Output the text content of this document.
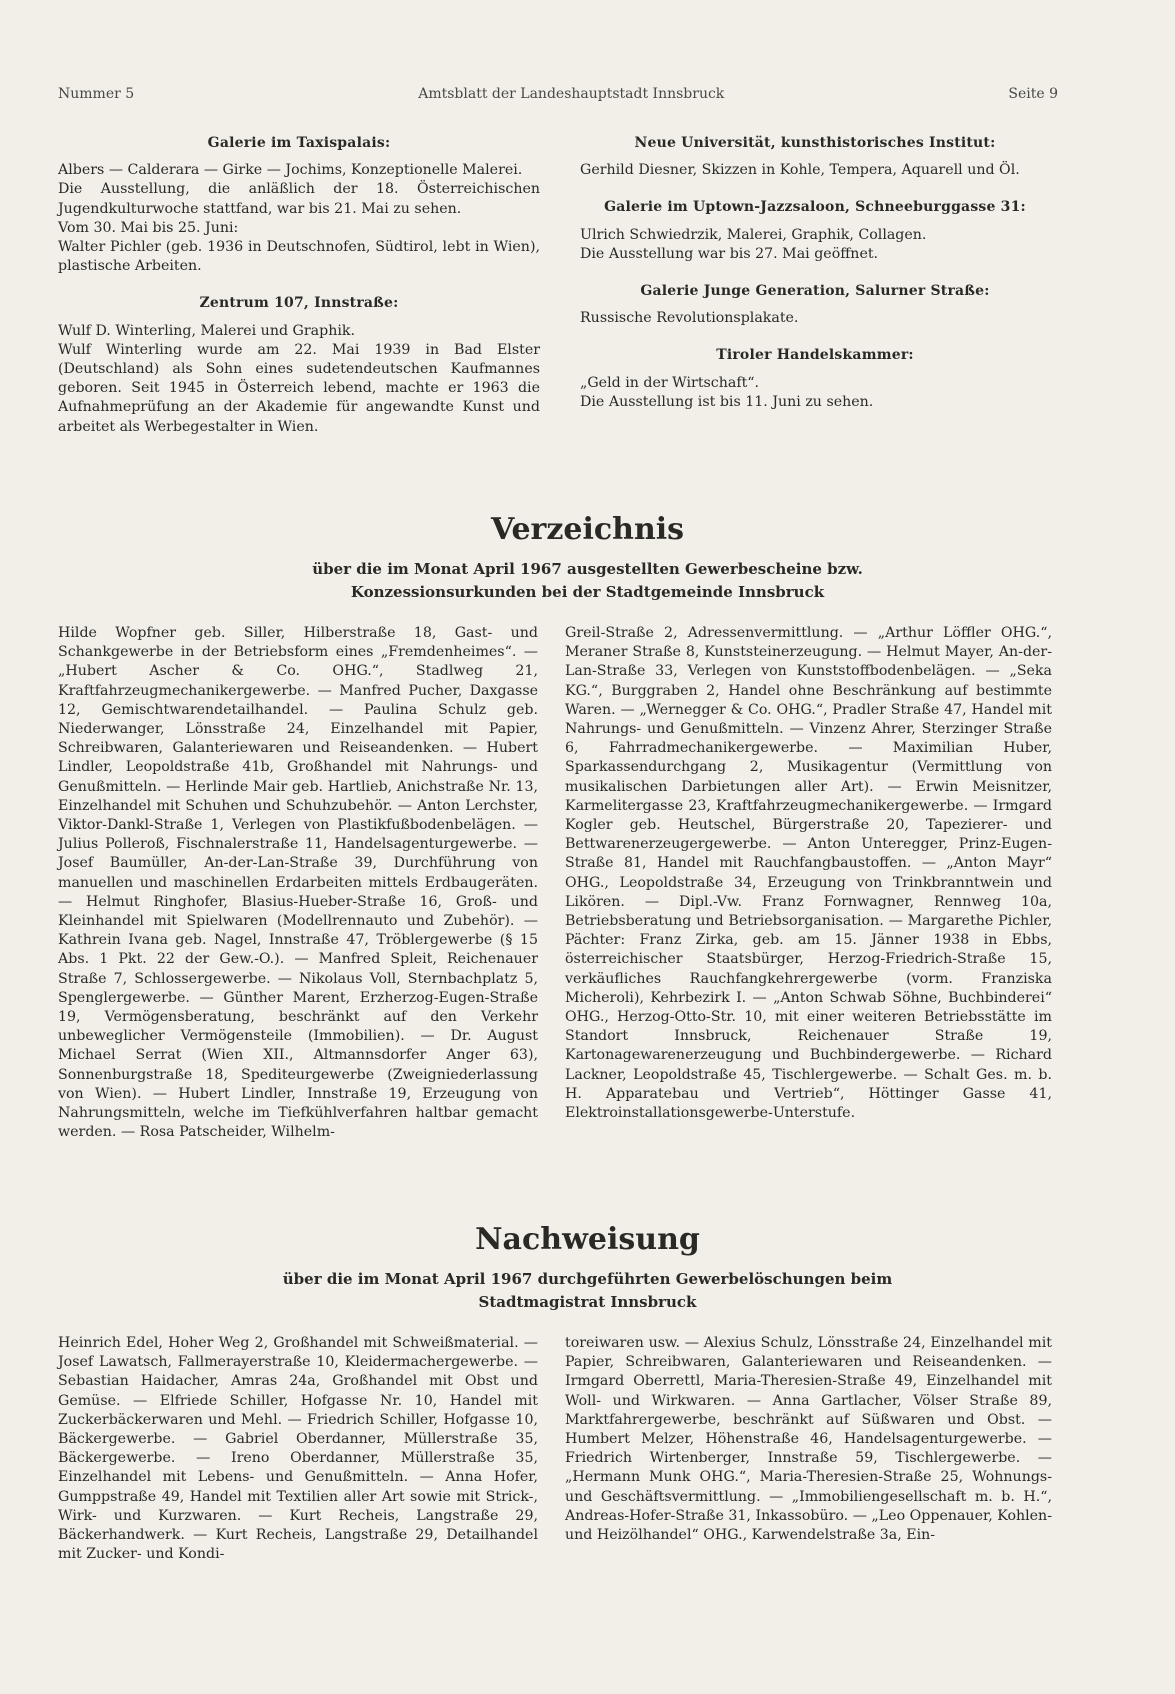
Nummer 5	Amtsblatt der Landeshauptstadt Innsbruck	Seite 9
Galerie im Taxispalais:

Albers — Calderara — Girke — Jochims, Konzeptionelle Malerei.

Die Ausstellung, die anläßlich der 18. Österreichischen Jugendkulturwoche stattfand, war bis 21. Mai zu sehen.

Vom 30. Mai bis 25. Juni:

Walter Pichler (geb. 1936 in Deutschnofen, Südtirol, lebt in Wien), plastische Arbeiten.

Zentrum 107, Innstraße:

Wulf D. Winterling, Malerei und Graphik.

Wulf Winterling wurde am 22. Mai 1939 in Bad Elster (Deutschland) als Sohn eines sudetendeutschen Kaufmannes geboren. Seit 1945 in Österreich lebend, machte er 1963 die Aufnahmeprüfung an der Akademie für angewandte Kunst und arbeitet als Werbegestalter in Wien.

Neue Universität, kunsthistorisches Institut:

Gerhild Diesner, Skizzen in Kohle, Tempera, Aquarell und Öl.

Galerie im Uptown-Jazzsaloon, Schneeburggasse 31:

Ulrich Schwiedrzik, Malerei, Graphik, Collagen.

Die Ausstellung war bis 27. Mai geöffnet.

Galerie Junge Generation, Salurner Straße:

Russische Revolutionsplakate.

Tiroler Handelskammer:

„Geld in der Wirtschaft“.

Die Ausstellung ist bis 11. Juni zu sehen.

Verzeichnis
über die im Monat April 1967 ausgestellten Gewerbescheine bzw.
Konzessionsurkunden bei der Stadtgemeinde Innsbruck

Hilde Wopfner geb. Siller, Hilberstraße 18, Gast- und Schankgewerbe in der Betriebsform eines „Fremdenheimes“. — „Hubert Ascher & Co. OHG.“, Stadlweg 21, Kraftfahrzeugmechanikergewerbe. — Manfred Pucher, Daxgasse 12, Gemischtwarendetailhandel. — Paulina Schulz geb. Niederwanger, Lönsstraße 24, Einzelhandel mit Papier, Schreibwaren, Galanteriewaren und Reiseandenken. — Hubert Lindler, Leopoldstraße 41b, Großhandel mit Nahrungs- und Genußmitteln. — Herlinde Mair geb. Hartlieb, Anichstraße Nr. 13, Einzelhandel mit Schuhen und Schuhzubehör. — Anton Lerchster, Viktor-Dankl-Straße 1, Verlegen von Plastikfußbodenbelägen. — Julius Polleroß, Fischnalerstraße 11, Handelsagenturgewerbe. — Josef Baumüller, An-der-Lan-Straße 39, Durchführung von manuellen und maschinellen Erdarbeiten mittels Erdbaugeräten. — Helmut Ringhofer, Blasius-Hueber-Straße 16, Groß- und Kleinhandel mit Spielwaren (Modellrennauto und Zubehör). — Kathrein Ivana geb. Nagel, Innstraße 47, Tröblergewerbe (§ 15 Abs. 1 Pkt. 22 der Gew.-O.). — Manfred Spleit, Reichenauer Straße 7, Schlossergewerbe. — Nikolaus Voll, Sternbachplatz 5, Spenglergewerbe. — Günther Marent, Erzherzog-Eugen-Straße 19, Vermögensberatung, beschränkt auf den Verkehr unbeweglicher Vermögensteile (Immobilien). — Dr. August Michael Serrat (Wien XII., Altmannsdorfer Anger 63), Sonnenburgstraße 18, Spediteurgewerbe (Zweigniederlassung von Wien). — Hubert Lindler, Innstraße 19, Erzeugung von Nahrungsmitteln, welche im Tiefkühlverfahren haltbar gemacht werden. — Rosa Patscheider, Wilhelm-

Greil-Straße 2, Adressenvermittlung. — „Arthur Löffler OHG.“, Meraner Straße 8, Kunststeinerzeugung. — Helmut Mayer, An-der-Lan-Straße 33, Verlegen von Kunststoffbodenbelägen. — „Seka KG.“, Burggraben 2, Handel ohne Beschränkung auf bestimmte Waren. — „Wernegger & Co. OHG.“, Pradler Straße 47, Handel mit Nahrungs- und Genußmitteln. — Vinzenz Ahrer, Sterzinger Straße 6, Fahrradmechanikergewerbe. — Maximilian Huber, Sparkassendurchgang 2, Musikagentur (Vermittlung von musikalischen Darbietungen aller Art). — Erwin Meisnitzer, Karmelitergasse 23, Kraftfahrzeugmechanikergewerbe. — Irmgard Kogler geb. Heutschel, Bürgerstraße 20, Tapezierer- und Bettwarenerzeugergewerbe. — Anton Unteregger, Prinz-Eugen-Straße 81, Handel mit Rauchfangbaustoffen. — „Anton Mayr“ OHG., Leopoldstraße 34, Erzeugung von Trinkbranntwein und Likören. — Dipl.-Vw. Franz Fornwagner, Rennweg 10a, Betriebsberatung und Betriebsorganisation. — Margarethe Pichler, Pächter: Franz Zirka, geb. am 15. Jänner 1938 in Ebbs, österreichischer Staatsbürger, Herzog-Friedrich-Straße 15, verkäufliches Rauchfangkehrergewerbe (vorm. Franziska Micheroli), Kehrbezirk I. — „Anton Schwab Söhne, Buchbinderei“ OHG., Herzog-Otto-Str. 10, mit einer weiteren Betriebsstätte im Standort Innsbruck, Reichenauer Straße 19, Kartonagewarenerzeugung und Buchbindergewerbe. — Richard Lackner, Leopoldstraße 45, Tischlergewerbe. — Schalt Ges. m. b. H. Apparatebau und Vertrieb“, Höttinger Gasse 41, Elektroinstallationsgewerbe-Unterstufe.

Nachweisung
über die im Monat April 1967 durchgeführten Gewerbelöschungen beim
Stadtmagistrat Innsbruck

Heinrich Edel, Hoher Weg 2, Großhandel mit Schweißmaterial. — Josef Lawatsch, Fallmerayerstraße 10, Kleidermachergewerbe. — Sebastian Haidacher, Amras 24a, Großhandel mit Obst und Gemüse. — Elfriede Schiller, Hofgasse Nr. 10, Handel mit Zuckerbäckerwaren und Mehl. — Friedrich Schiller, Hofgasse 10, Bäckergewerbe. — Gabriel Oberdanner, Müllerstraße 35, Bäckergewerbe. — Ireno Oberdanner, Müllerstraße 35, Einzelhandel mit Lebens- und Genußmitteln. — Anna Hofer, Gumppstraße 49, Handel mit Textilien aller Art sowie mit Strick-, Wirk- und Kurzwaren. — Kurt Recheis, Langstraße 29, Bäckerhandwerk. — Kurt Recheis, Langstraße 29, Detailhandel mit Zucker- und Kondi-

toreiwaren usw. — Alexius Schulz, Lönsstraße 24, Einzelhandel mit Papier, Schreibwaren, Galanteriewaren und Reiseandenken. — Irmgard Oberrettl, Maria-Theresien-Straße 49, Einzelhandel mit Woll- und Wirkwaren. — Anna Gartlacher, Völser Straße 89, Marktfahrergewerbe, beschränkt auf Süßwaren und Obst. — Humbert Melzer, Höhenstraße 46, Handelsagenturgewerbe. — Friedrich Wirtenberger, Innstraße 59, Tischlergewerbe. — „Hermann Munk OHG.“, Maria-Theresien-Straße 25, Wohnungs- und Geschäftsvermittlung. — „Immobiliengesellschaft m. b. H.“, Andreas-Hofer-Straße 31, Inkassobüro. — „Leo Oppenauer, Kohlen- und Heizölhandel“ OHG., Karwendelstraße 3a, Ein-
